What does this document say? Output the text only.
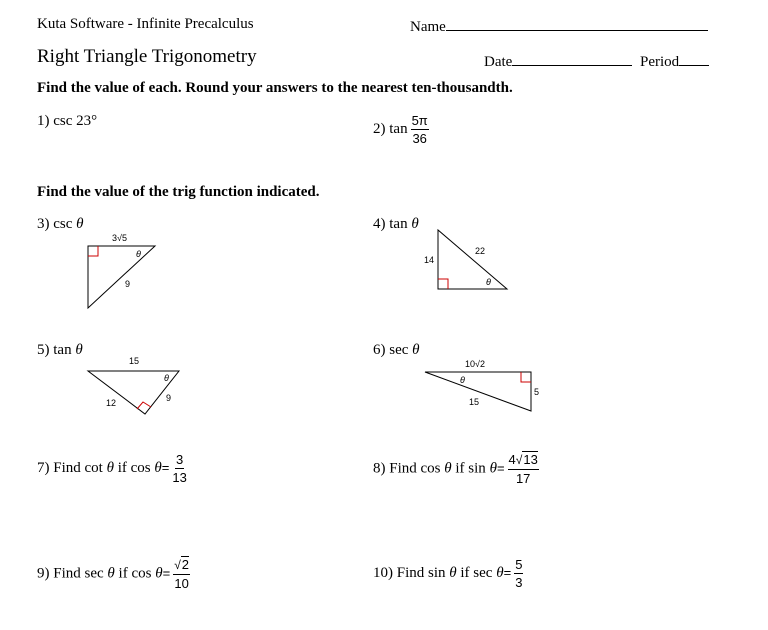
Kuta Software - Infinite Precalculus	Name
Right Triangle Trigonometry	Date	Period
Find the value of each. Round your answers to the nearest ten-thousandth.
1) csc 23°	2) $\tan \frac{5\pi}{36}$
Find the value of the trig function indicated.
3) csc θ
3√5
9
θ
4) tan θ
14
22
θ
5) tan θ
15
12	9
θ
6) sec θ
10√2
15
5
θ
7) Find cot θ if $\cos \theta= \frac{3}{13}$	8) Find cos θ if $\sin \theta= \frac{4√13}{17}$
9) Find sec θ if $\cos \theta= \frac{√2}{10}$	10) Find sin θ if $\sec \theta= \frac{5}{3}$
